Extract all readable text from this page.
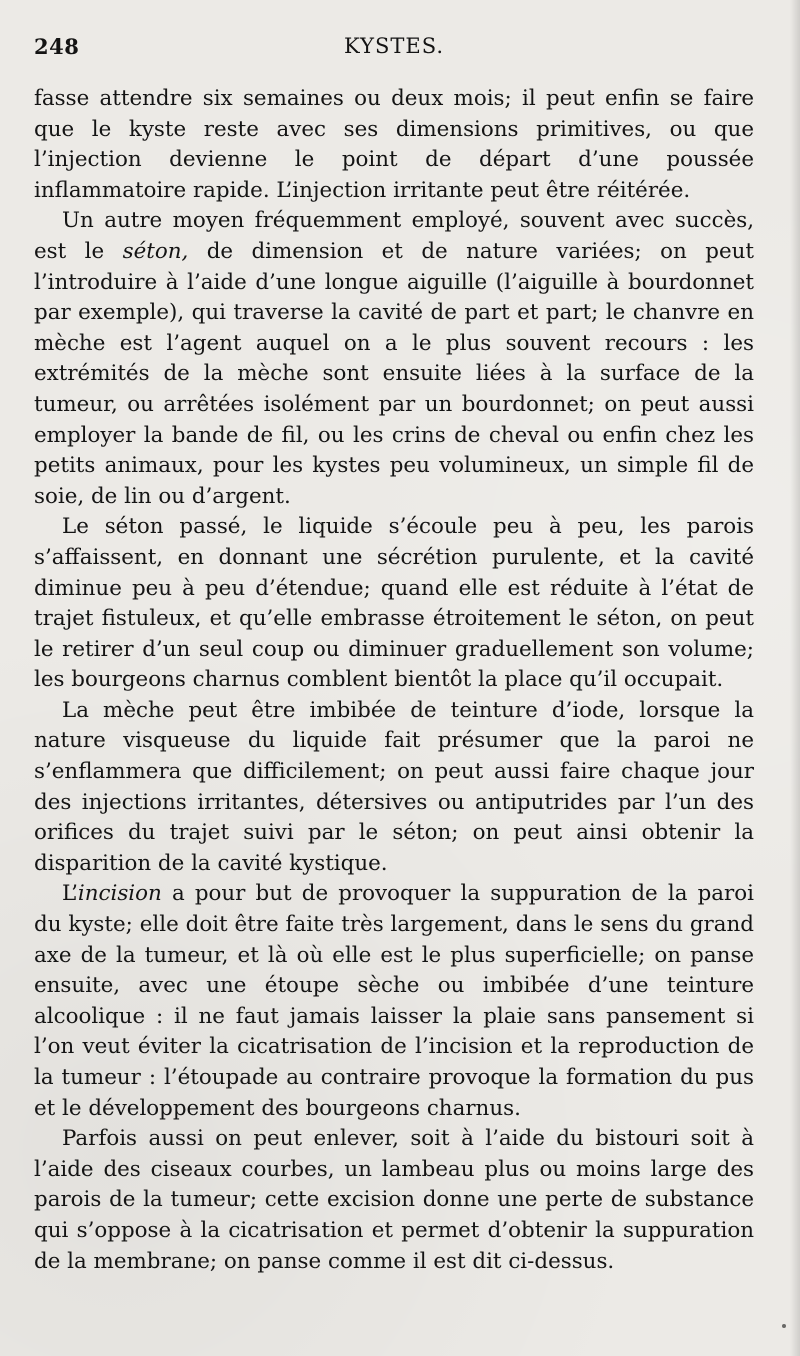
248	KYSTES.

fasse attendre six semaines ou deux mois; il peut enfin se faire que le kyste reste avec ses dimensions primitives, ou que l’injection devienne le point de départ d’une poussée inflammatoire rapide. L’injection irritante peut être réitérée.

Un autre moyen fréquemment employé, souvent avec succès, est le séton, de dimension et de nature variées; on peut l’introduire à l’aide d’une longue aiguille (l’aiguille à bourdonnet par exemple), qui traverse la cavité de part et part; le chanvre en mèche est l’agent auquel on a le plus souvent recours : les extrémités de la mèche sont ensuite liées à la surface de la tumeur, ou arrêtées isolément par un bourdonnet; on peut aussi employer la bande de fil, ou les crins de cheval ou enfin chez les petits animaux, pour les kystes peu volumineux, un simple fil de soie, de lin ou d’argent.

Le séton passé, le liquide s’écoule peu à peu, les parois s’affaissent, en donnant une sécrétion purulente, et la cavité diminue peu à peu d’étendue; quand elle est réduite à l’état de trajet fistuleux, et qu’elle embrasse étroitement le séton, on peut le retirer d’un seul coup ou diminuer graduellement son volume; les bourgeons charnus comblent bientôt la place qu’il occupait.

La mèche peut être imbibée de teinture d’iode, lorsque la nature visqueuse du liquide fait présumer que la paroi ne s’enflammera que difficilement; on peut aussi faire chaque jour des injections irritantes, détersives ou antiputrides par l’un des orifices du trajet suivi par le séton; on peut ainsi obtenir la disparition de la cavité kystique.

L’incision a pour but de provoquer la suppuration de la paroi du kyste; elle doit être faite très largement, dans le sens du grand axe de la tumeur, et là où elle est le plus superficielle; on panse ensuite, avec une étoupe sèche ou imbibée d’une teinture alcoolique : il ne faut jamais laisser la plaie sans pansement si l’on veut éviter la cicatrisation de l’incision et la reproduction de la tumeur : l’étoupade au contraire provoque la formation du pus et le développement des bourgeons charnus.

Parfois aussi on peut enlever, soit à l’aide du bistouri soit à l’aide des ciseaux courbes, un lambeau plus ou moins large des parois de la tumeur; cette excision donne une perte de substance qui s’oppose à la cicatrisation et permet d’obtenir la suppuration de la membrane; on panse comme il est dit ci-dessus.
